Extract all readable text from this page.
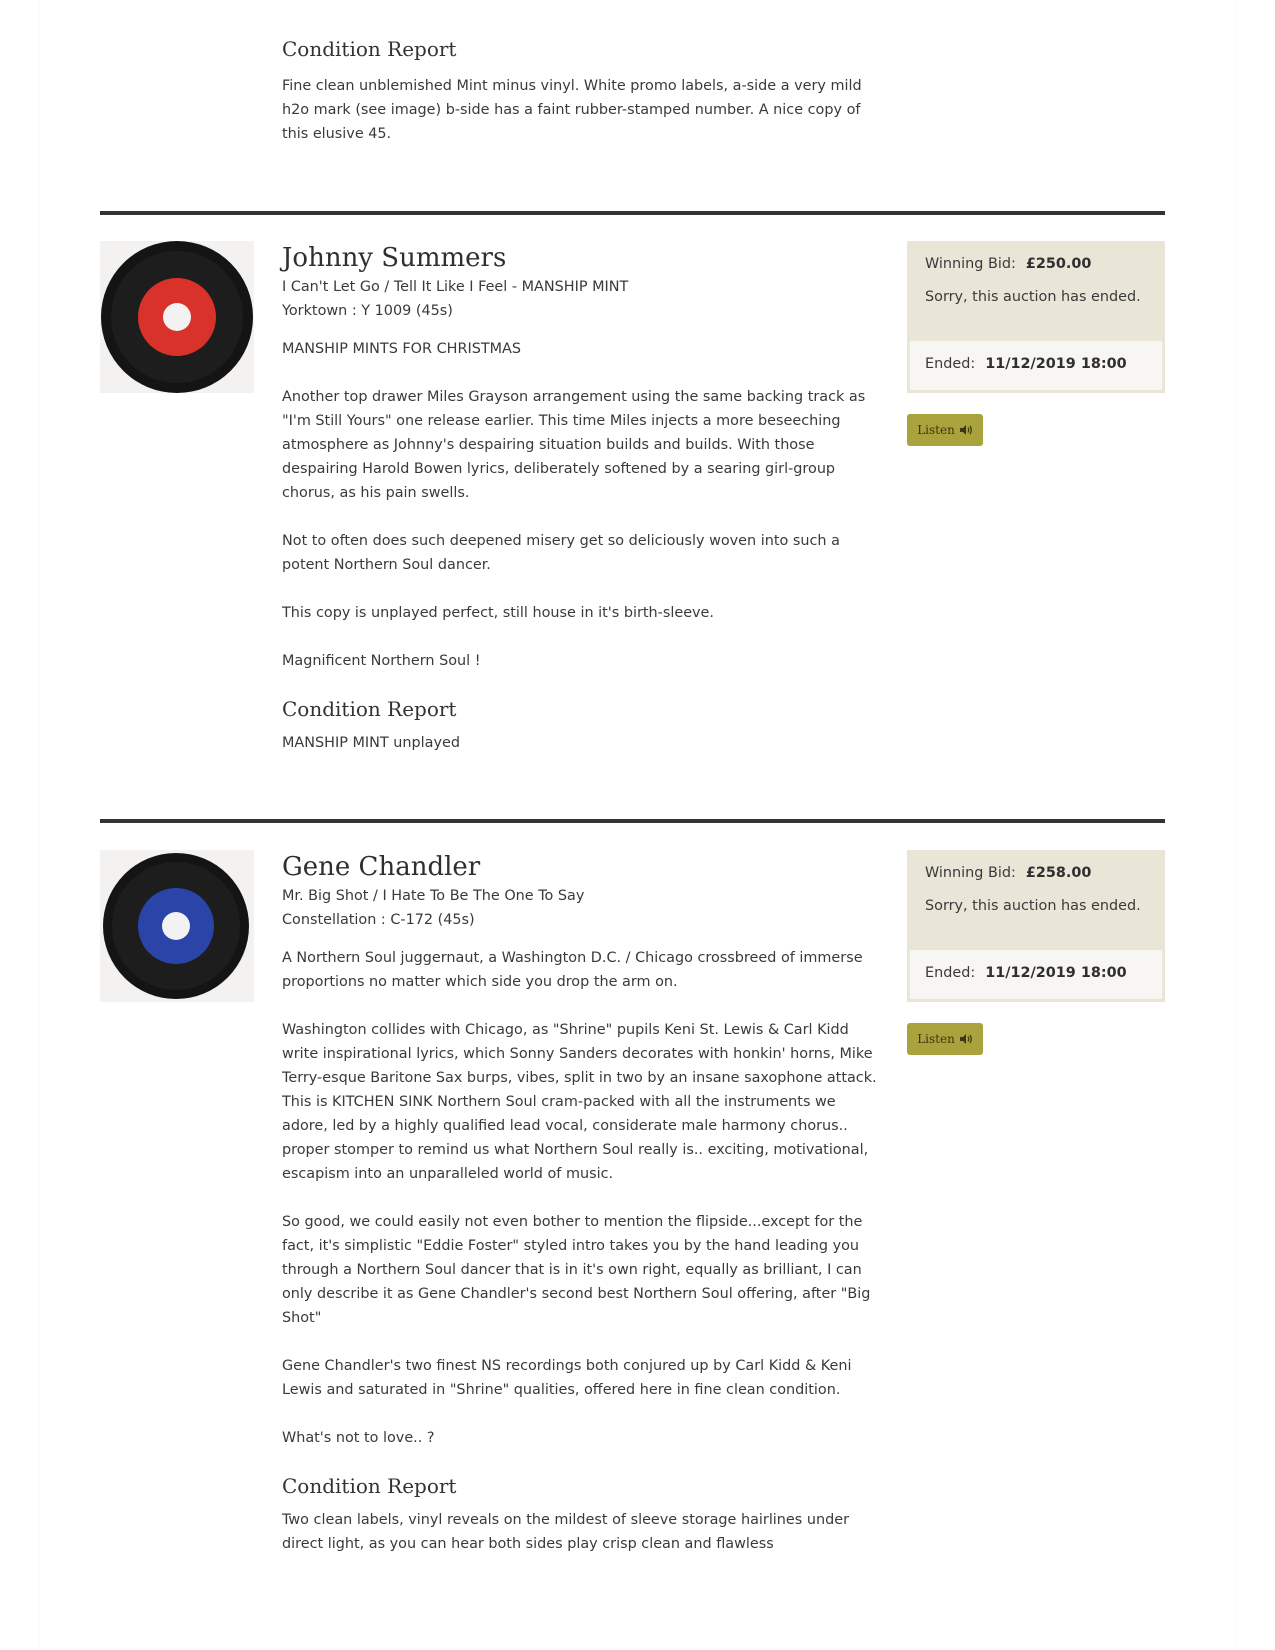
Condition Report

Fine clean unblemished Mint minus vinyl. White promo labels, a-side a very mild h2o mark (see image) b-side has a faint rubber-stamped number. A nice copy of this elusive 45.

Johnny Summers

I Can't Let Go / Tell It Like I Feel - MANSHIP MINT

Yorktown : Y 1009 (45s)

MANSHIP MINTS FOR CHRISTMAS

Another top drawer Miles Grayson arrangement using the same backing track as "I'm Still Yours" one release earlier. This time Miles injects a more beseeching atmosphere as Johnny's despairing situation builds and builds. With those despairing Harold Bowen lyrics, deliberately softened by a searing girl-group chorus, as his pain swells.

Not to often does such deepened misery get so deliciously woven into such a potent Northern Soul dancer.

This copy is unplayed perfect, still house in it's birth-sleeve.

Magnificent Northern Soul !

Condition Report

MANSHIP MINT unplayed

Winning Bid: £250.00
Sorry, this auction has ended.
Ended: 11/12/2019 18:00
Listen
Gene Chandler

Mr. Big Shot / I Hate To Be The One To Say

Constellation : C-172 (45s)

A Northern Soul juggernaut, a Washington D.C. / Chicago crossbreed of immerse proportions no matter which side you drop the arm on.

Washington collides with Chicago, as "Shrine" pupils Keni St. Lewis & Carl Kidd write inspirational lyrics, which Sonny Sanders decorates with honkin' horns, Mike Terry-esque Baritone Sax burps, vibes, split in two by an insane saxophone attack. This is KITCHEN SINK Northern Soul cram-packed with all the instruments we adore, led by a highly qualified lead vocal, considerate male harmony chorus.. proper stomper to remind us what Northern Soul really is.. exciting, motivational, escapism into an unparalleled world of music.

So good, we could easily not even bother to mention the flipside...except for the fact, it's simplistic "Eddie Foster" styled intro takes you by the hand leading you through a Northern Soul dancer that is in it's own right, equally as brilliant, I can only describe it as Gene Chandler's second best Northern Soul offering, after "Big Shot"

Gene Chandler's two finest NS recordings both conjured up by Carl Kidd & Keni Lewis and saturated in "Shrine" qualities, offered here in fine clean condition.

What's not to love.. ?

Condition Report

Two clean labels, vinyl reveals on the mildest of sleeve storage hairlines under direct light, as you can hear both sides play crisp clean and flawless

Winning Bid: £258.00
Sorry, this auction has ended.
Ended: 11/12/2019 18:00
Listen
